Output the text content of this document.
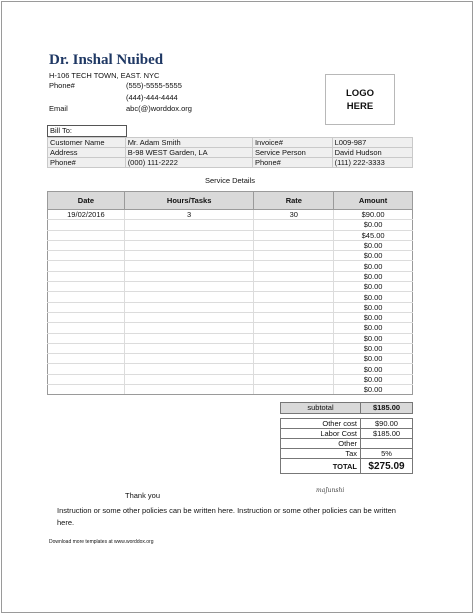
Dr. Inshal Nuibed
H-106 TECH TOWN, EAST. NYC
Phone#	(555)-5555-5555
(444)-444-4444
Email	abc(@)worddox.org
LOGO
HERE
Bill To:
Customer Name	Mr. Adam Smith	Invoice#	L009-987
Address	B-98 WEST Garden, LA	Service Person	David Hudson
Phone#	(000) 111-2222	Phone#	(111) 222-3333
Service Details
Date	Hours/Tasks	Rate	Amount
19/02/2016	3	30	$90.00
			$0.00
			$45.00
			$0.00
			$0.00
			$0.00
			$0.00
			$0.00
			$0.00
			$0.00
			$0.00
			$0.00
			$0.00
			$0.00
			$0.00
			$0.00
			$0.00
			$0.00
subtotal	$185.00
Other cost	$90.00
Labor Cost	$185.00
Other	
Tax	5%
TOTAL	$275.09
Thank you
maJunshi
Instruction or some other policies can be written here. Instruction or some other policies can be written here.
Download more templates at www.worddox.org
